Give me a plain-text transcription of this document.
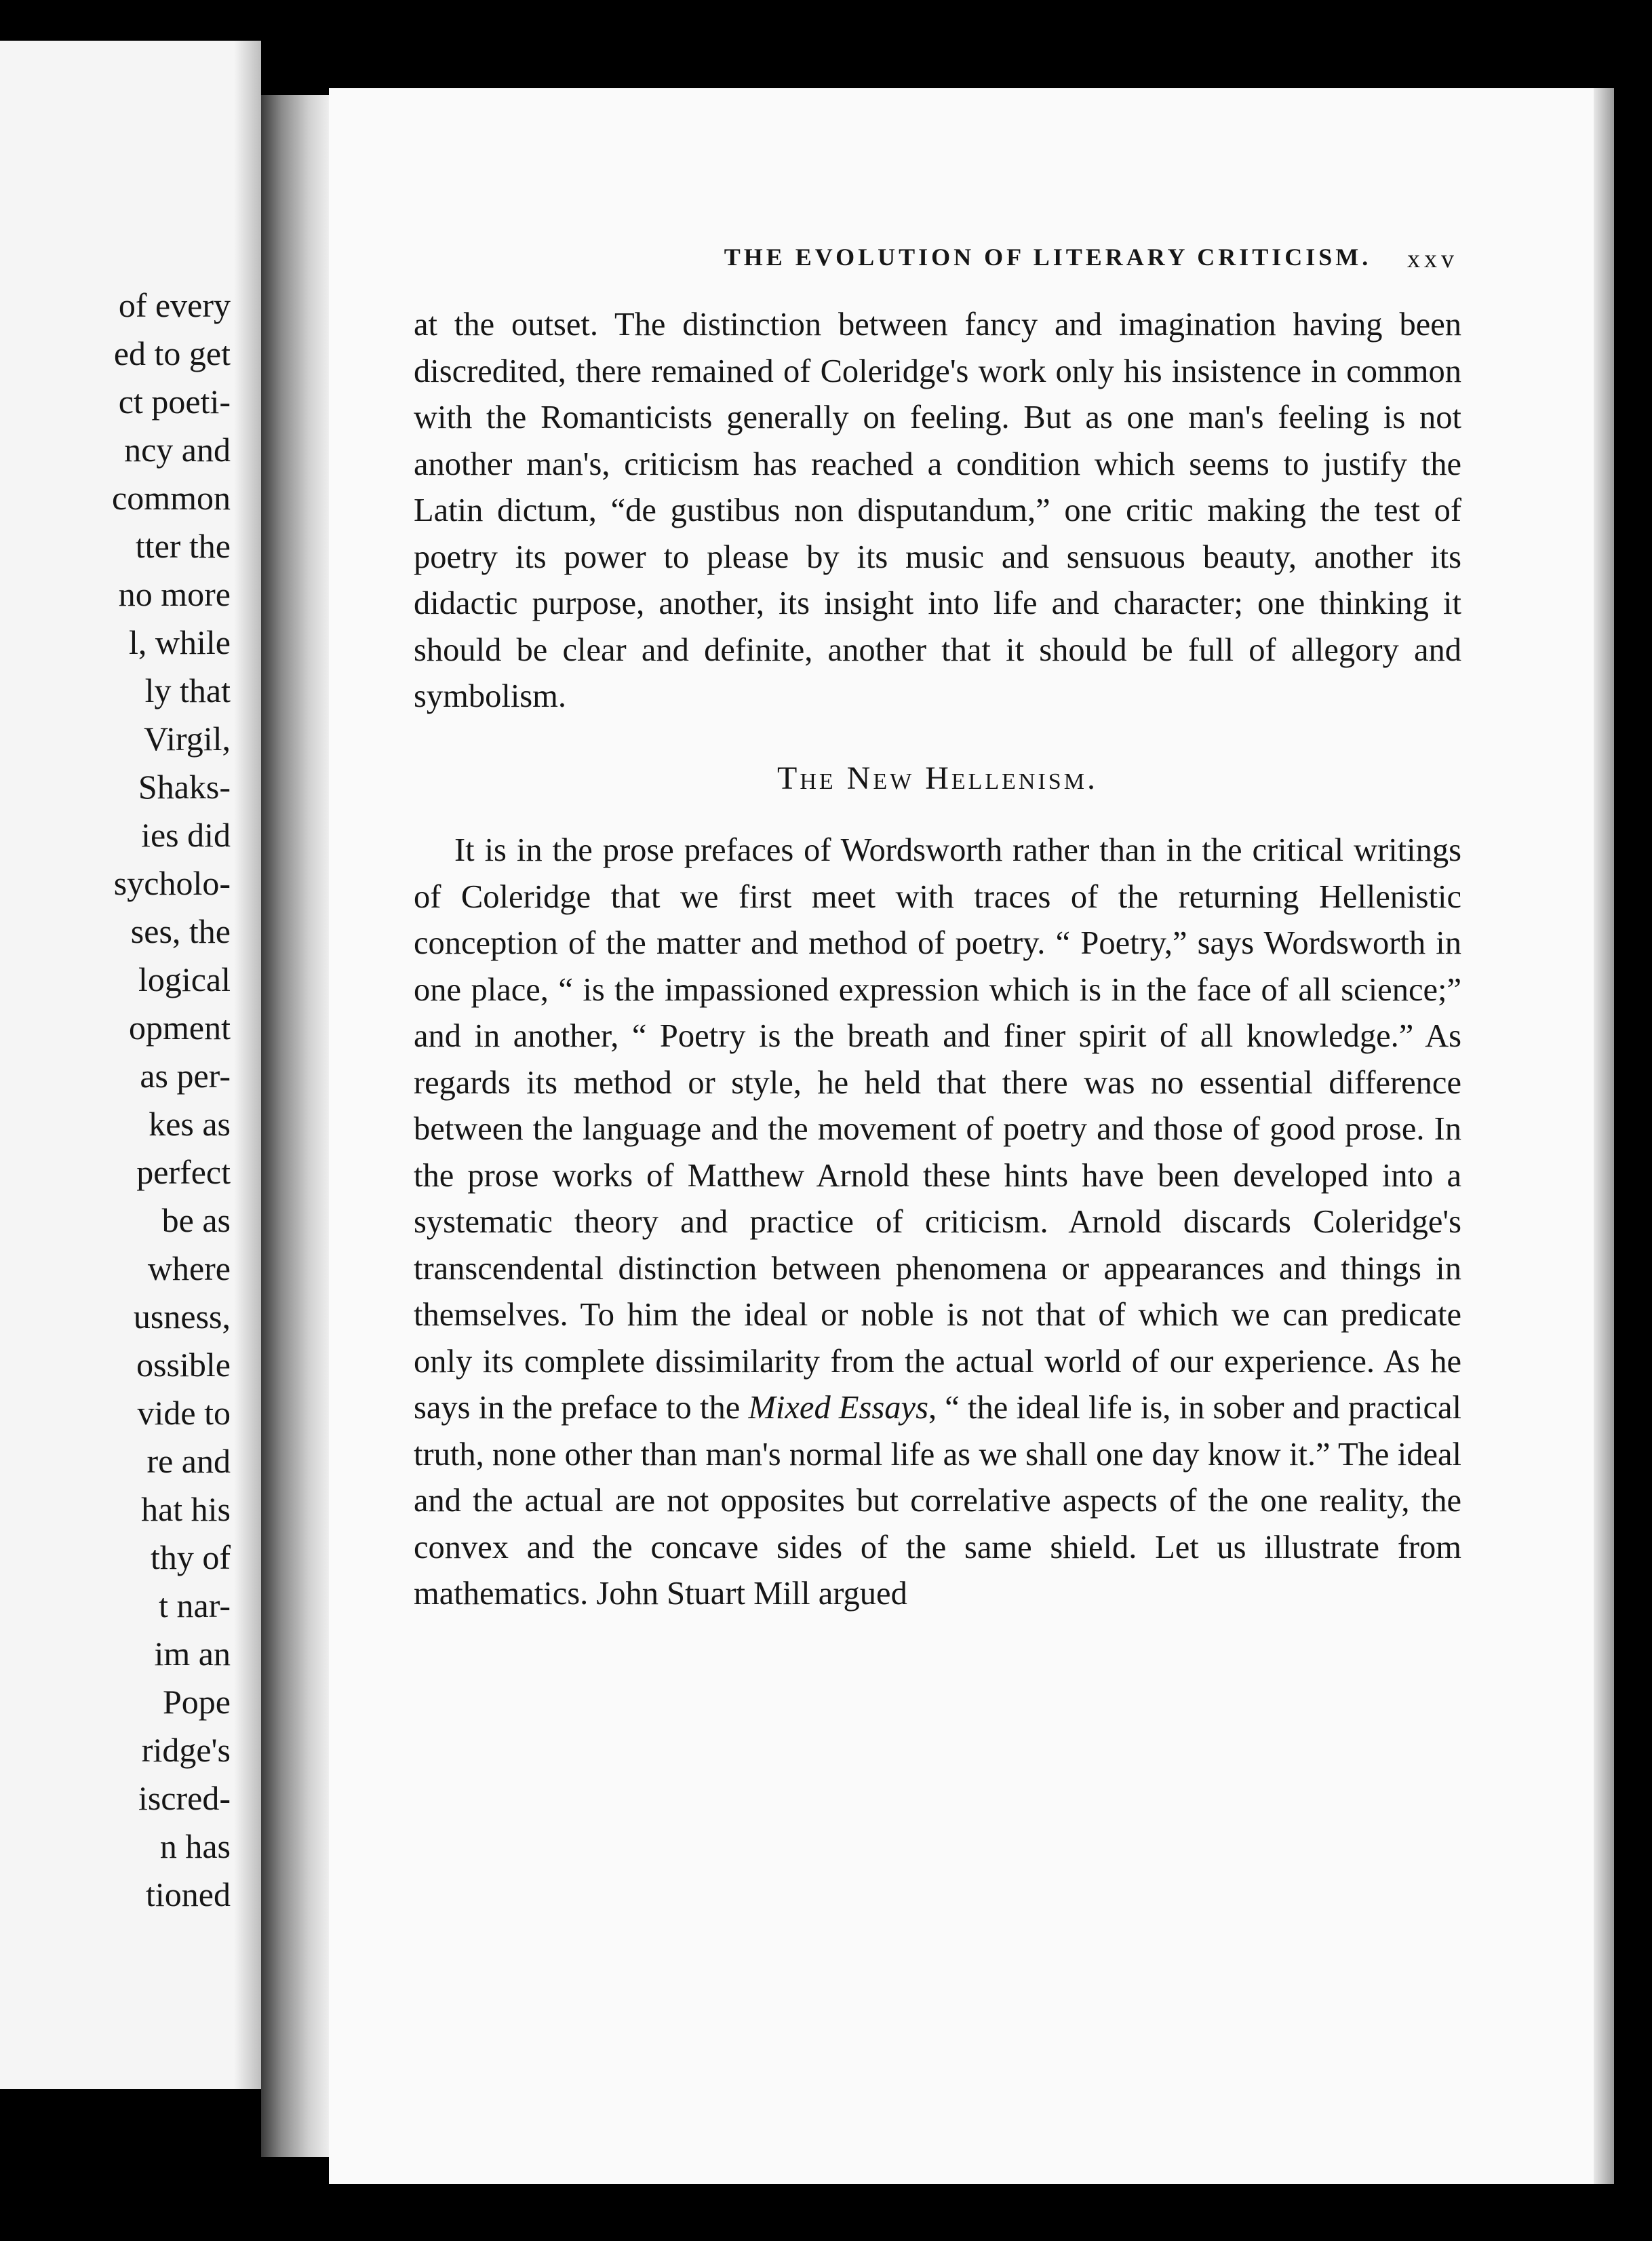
of every
ed to get
ct poeti-
ncy and
common
tter the
no more
l, while
ly that
Virgil,
Shaks-
ies did
sycholo-
ses, the
logical
opment
as per-
kes as
perfect
be as
where
usness,
ossible
vide to
re and
hat his
thy of
t nar-
im an
Pope
ridge's
iscred-
n has
tioned
THE EVOLUTION OF LITERARY CRITICISM.	xxv

at the outset. The distinction between fancy and imagination having been discredited, there remained of Coleridge's work only his insistence in common with the Romanticists generally on feeling. But as one man's feeling is not another man's, criticism has reached a condition which seems to justify the Latin dictum, “de gustibus non disputandum,” one critic making the test of poetry its power to please by its music and sensuous beauty, another its didactic purpose, another, its insight into life and character; one thinking it should be clear and definite, another that it should be full of allegory and symbolism.

The New Hellenism.

It is in the prose prefaces of Wordsworth rather than in the critical writings of Coleridge that we first meet with traces of the returning Hellenistic conception of the matter and method of poetry. “ Poetry,” says Wordsworth in one place, “ is the impassioned expression which is in the face of all science;” and in another, “ Poetry is the breath and finer spirit of all knowledge.” As regards its method or style, he held that there was no essential difference between the language and the movement of poetry and those of good prose. In the prose works of Matthew Arnold these hints have been developed into a systematic theory and practice of criticism. Arnold discards Coleridge's transcendental distinction between phenomena or appearances and things in themselves. To him the ideal or noble is not that of which we can predicate only its complete dissimilarity from the actual world of our experience. As he says in the preface to the Mixed Essays, “ the ideal life is, in sober and practical truth, none other than man's normal life as we shall one day know it.” The ideal and the actual are not opposites but correlative aspects of the one reality, the convex and the concave sides of the same shield. Let us illustrate from mathematics. John Stuart Mill argued
